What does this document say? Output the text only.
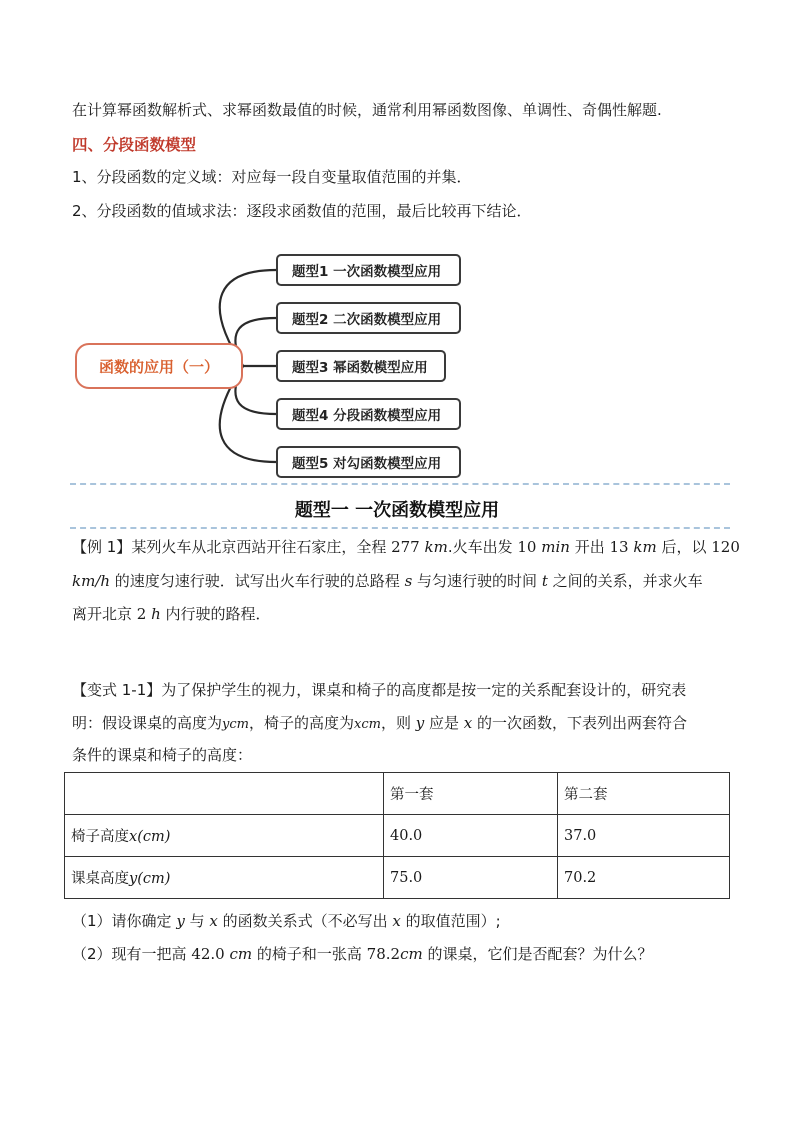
在计算幂函数解析式、求幂函数最值的时候，通常利用幂函数图像、单调性、奇偶性解题.
四、分段函数模型
1、分段函数的定义域：对应每一段自变量取值范围的并集．
2、分段函数的值域求法：逐段求函数值的范围，最后比较再下结论．
函数的应用（一）
题型1 一次函数模型应用
题型2 二次函数模型应用
题型3 幂函数模型应用
题型4 分段函数模型应用
题型5 对勾函数模型应用
题型一 一次函数模型应用
【例 1】某列火车从北京西站开往石家庄，全程 277 km.火车出发 10 min 开出 13 km 后，以 120
km/h 的速度匀速行驶．试写出火车行驶的总路程 s 与匀速行驶的时间 t 之间的关系，并求火车
离开北京 2 h 内行驶的路程．
【变式 1-1】为了保护学生的视力，课桌和椅子的高度都是按一定的关系配套设计的，研究表
明：假设课桌的高度为ycm，椅子的高度为xcm，则 y 应是 x 的一次函数，下表列出两套符合
条件的课桌和椅子的高度：
	第一套	第二套
椅子高度x(cm)	40.0	37.0
课桌高度y(cm)	75.0	70.2
（1）请你确定 y 与 x 的函数关系式（不必写出 x 的取值范围）;
（2）现有一把高 42.0 cm 的椅子和一张高 78.2cm 的课桌，它们是否配套？为什么？
